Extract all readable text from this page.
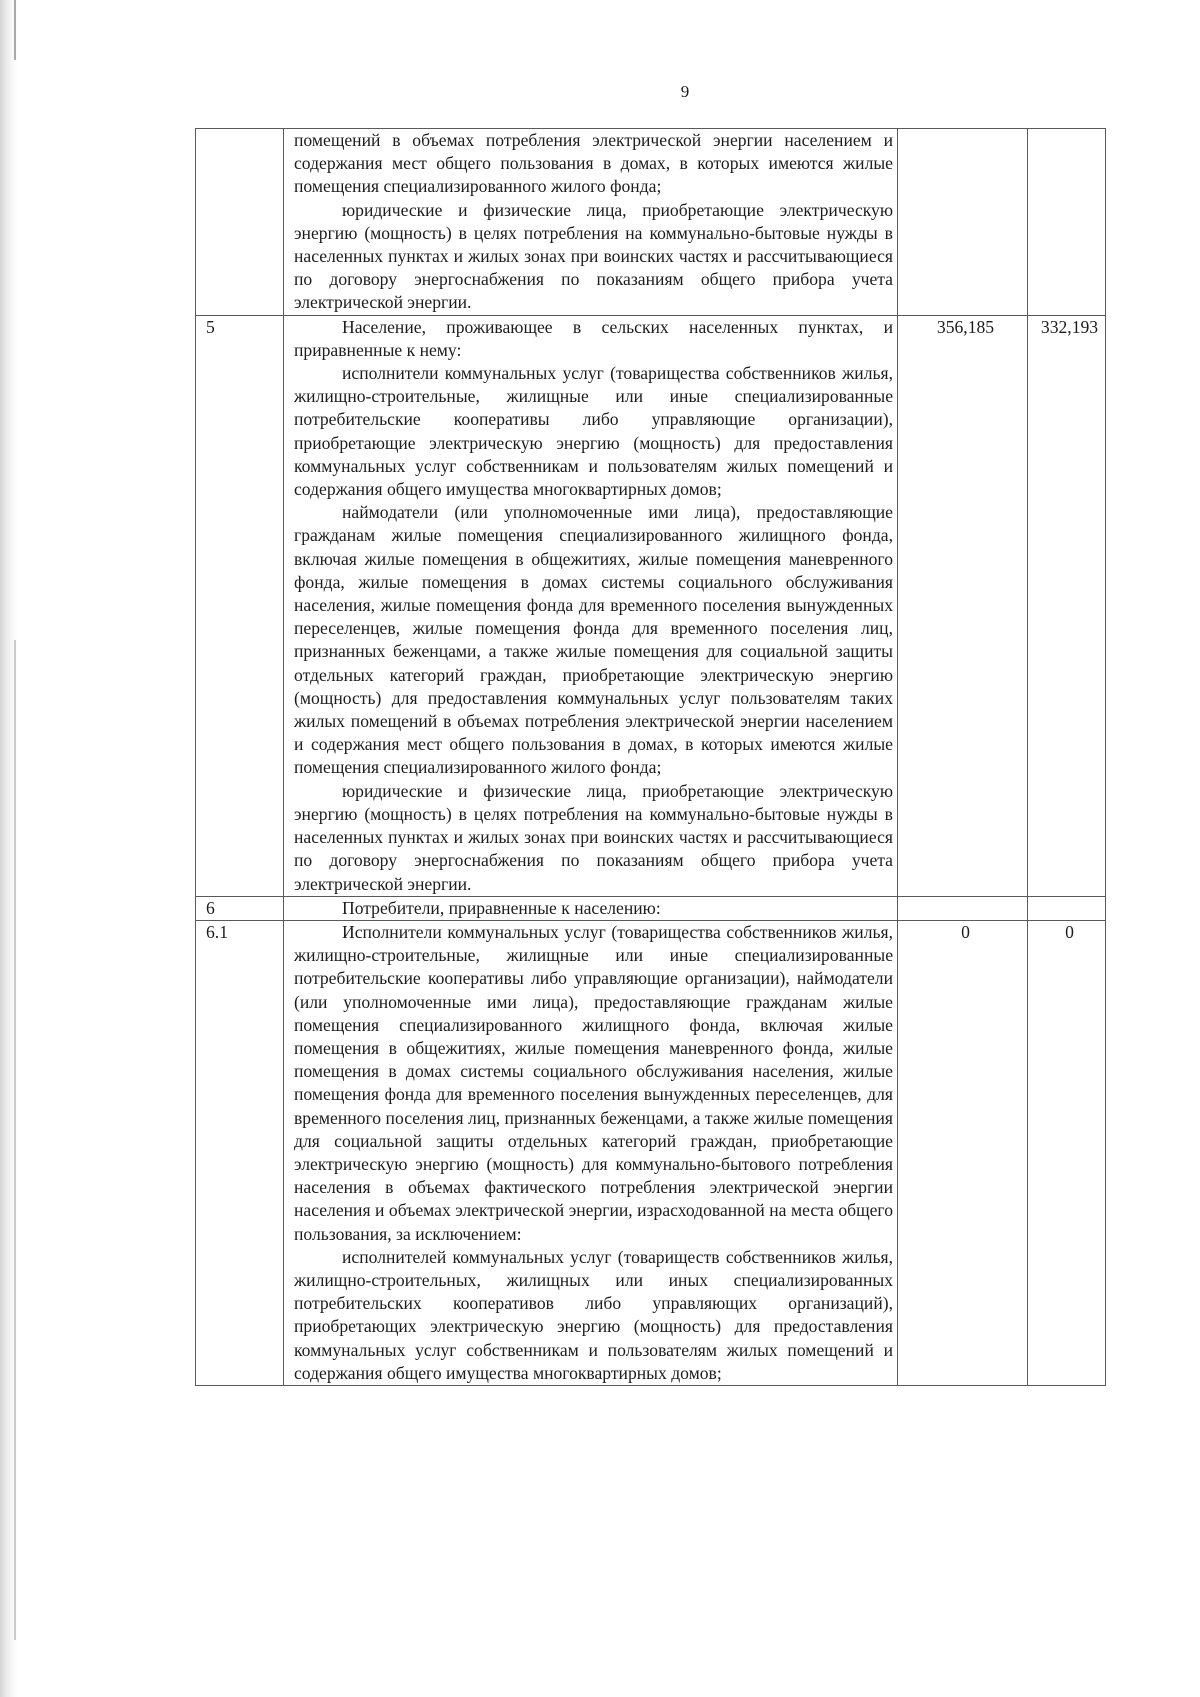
9

	помещений в объемах потребления электрической энергии населением и содержания мест общего пользования в домах, в которых имеются жилые помещения специализированного жилого фонда;

юридические и физические лица, приобретающие электрическую энергию (мощность) в целях потребления на коммунально-бытовые нужды в населенных пунктах и жилых зонах при воинских частях и рассчитывающиеся по договору энергоснабжения по показаниям общего прибора учета электрической энергии.		

5	Население, проживающее в сельских населенных пунктах, и приравненные к нему:

исполнители коммунальных услуг (товарищества собственников жилья, жилищно-строительные, жилищные или иные специализированные потребительские кооперативы либо управляющие организации), приобретающие электрическую энергию (мощность) для предоставления коммунальных услуг собственникам и пользователям жилых помещений и содержания общего имущества многоквартирных домов;

наймодатели (или уполномоченные ими лица), предоставляющие гражданам жилые помещения специализированного жилищного фонда, включая жилые помещения в общежитиях, жилые помещения маневренного фонда, жилые помещения в домах системы социального обслуживания населения, жилые помещения фонда для временного поселения вынужденных переселенцев, жилые помещения фонда для временного поселения лиц, признанных беженцами, а также жилые помещения для социальной защиты отдельных категорий граждан, приобретающие электрическую энергию (мощность) для предоставления коммунальных услуг пользователям таких жилых помещений в объемах потребления электрической энергии населением и содержания мест общего пользования в домах, в которых имеются жилые помещения специализированного жилого фонда;

юридические и физические лица, приобретающие электрическую энергию (мощность) в целях потребления на коммунально-бытовые нужды в населенных пунктах и жилых зонах при воинских частях и рассчитывающиеся по договору энергоснабжения по показаниям общего прибора учета электрической энергии.	356,185	332,193
6	Потребители, приравненные к населению:		

6.1	Исполнители коммунальных услуг (товарищества собственников жилья, жилищно-строительные, жилищные или иные специализированные потребительские кооперативы либо управляющие организации), наймодатели (или уполномоченные ими лица), предоставляющие гражданам жилые помещения специализированного жилищного фонда, включая жилые помещения в общежитиях, жилые помещения маневренного фонда, жилые помещения в домах системы социального обслуживания населения, жилые помещения фонда для временного поселения вынужденных переселенцев, для временного поселения лиц, признанных беженцами, а также жилые помещения для социальной защиты отдельных категорий граждан, приобретающие электрическую энергию (мощность) для коммунально-бытового потребления населения в объемах фактического потребления электрической энергии населения и объемах электрической энергии, израсходованной на места общего пользования, за исключением:

исполнителей коммунальных услуг (товариществ собственников жилья, жилищно-строительных, жилищных или иных специализированных потребительских кооперативов либо управляющих организаций), приобретающих электрическую энергию (мощность) для предоставления коммунальных услуг собственникам и пользователям жилых помещений и содержания общего имущества многоквартирных домов;	0	0
